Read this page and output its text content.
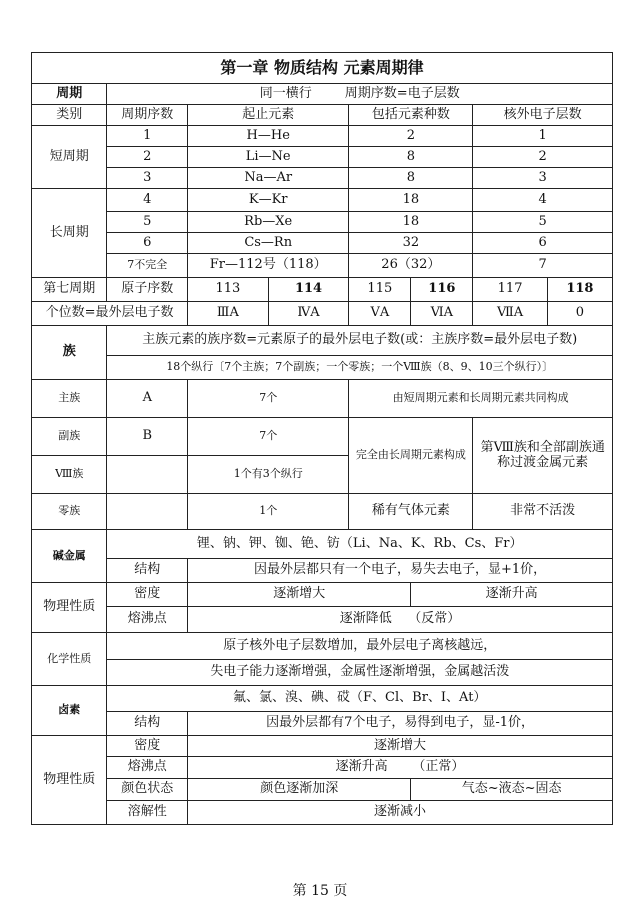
第一章 物质结构 元素周期律							
周期	同一横行        周期序数=电子层数						
类别	周期序数	起止元素		包括元素种数		核外电子层数	
短周期	1	H—He		2		1	
	2	Li—Ne		8		2	
	3	Na—Ar		8		3	
长周期	4	K—Kr		18		4	
	5	Rb—Xe		18		5	
	6	Cs—Rn		32		6	
	7不完全	Fr—112号（118）		26（32）		7	
第七周期	原子序数	113	114	115	116	117	118
个位数=最外层电子数		ⅢA	ⅣA	ⅤA	ⅥA	ⅦA	0
族	主族元素的族序数=元素原子的最外层电子数(或：主族序数=最外层电子数)						
	18个纵行〔7个主族；7个副族；一个零族；一个Ⅷ族（8、9、10三个纵行）〕						
主族	A	7个		由短周期元素和长周期元素共同构成			
副族	B	7个		完全由长周期元素构成		第Ⅷ族和全部副族通称过渡金属元素	
Ⅷ族		1个有3个纵行					
零族		1个		稀有气体元素		非常不活泼	
碱金属	锂、钠、钾、铷、铯、钫（Li、Na、K、Rb、Cs、Fr）						
	结构	因最外层都只有一个电子，易失去电子，显+1价，					
物理性质	密度	逐渐增大			逐渐升高		
	熔沸点	逐渐降低    （反常）					
化学性质	原子核外电子层数增加，最外层电子离核越远，						
	失电子能力逐渐增强，金属性逐渐增强，金属越活泼						
卤素	氟、氯、溴、碘、砹（F、Cl、Br、I、At）						
	结构	因最外层都有7个电子，易得到电子，显-1价，					
物理性质	密度	逐渐增大					
	熔沸点	逐渐升高      （正常）					
	颜色状态	颜色逐渐加深			气态~液态~固态		
	溶解性	逐渐减小					
第 15 页
